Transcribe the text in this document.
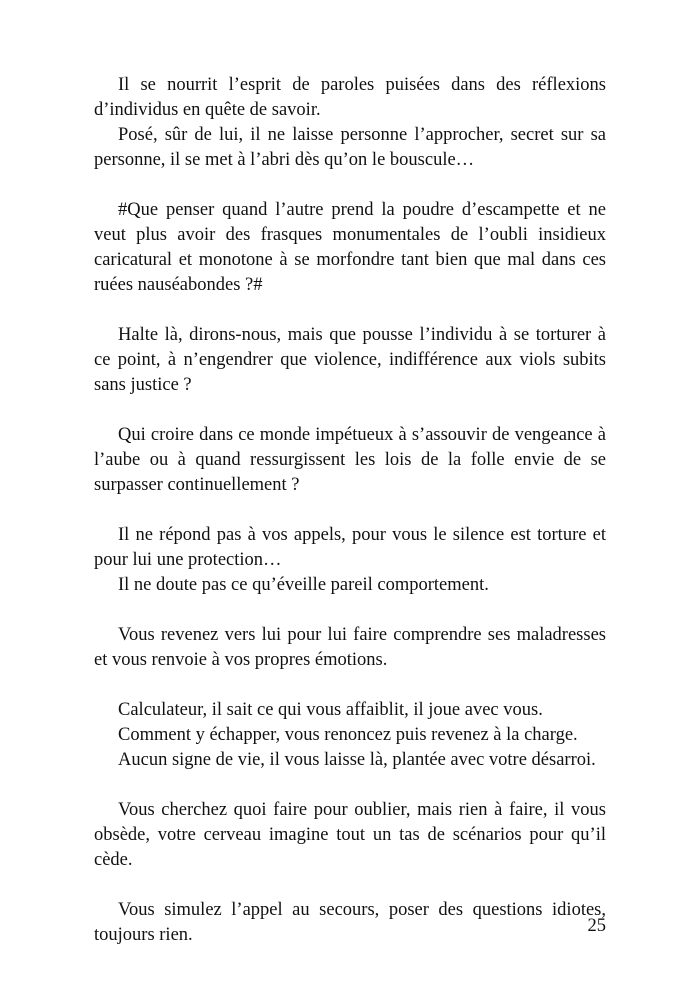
Il se nourrit l’esprit de paroles puisées dans des réflexions d’individus en quête de savoir.

Posé, sûr de lui, il ne laisse personne l’approcher, secret sur sa personne, il se met à l’abri dès qu’on le bouscule…

#Que penser quand l’autre prend la poudre d’escampette et ne veut plus avoir des frasques monumentales de l’oubli insidieux caricatural et monotone à se morfondre tant bien que mal dans ces ruées nauséabondes ?#

Halte là, dirons-nous, mais que pousse l’individu à se torturer à ce point, à n’engendrer que violence, indifférence aux viols subits sans justice ?

Qui croire dans ce monde impétueux à s’assouvir de vengeance à l’aube ou à quand ressurgissent les lois de la folle envie de se surpasser continuellement ?

Il ne répond pas à vos appels, pour vous le silence est torture et pour lui une protection…

Il ne doute pas ce qu’éveille pareil comportement.

Vous revenez vers lui pour lui faire comprendre ses maladresses et vous renvoie à vos propres émotions.

Calculateur, il sait ce qui vous affaiblit, il joue avec vous.

Comment y échapper, vous renoncez puis revenez à la charge.

Aucun signe de vie, il vous laisse là, plantée avec votre désarroi.

Vous cherchez quoi faire pour oublier, mais rien à faire, il vous obsède, votre cerveau imagine tout un tas de scénarios pour qu’il cède.

Vous simulez l’appel au secours, poser des questions idiotes, toujours rien.	25
